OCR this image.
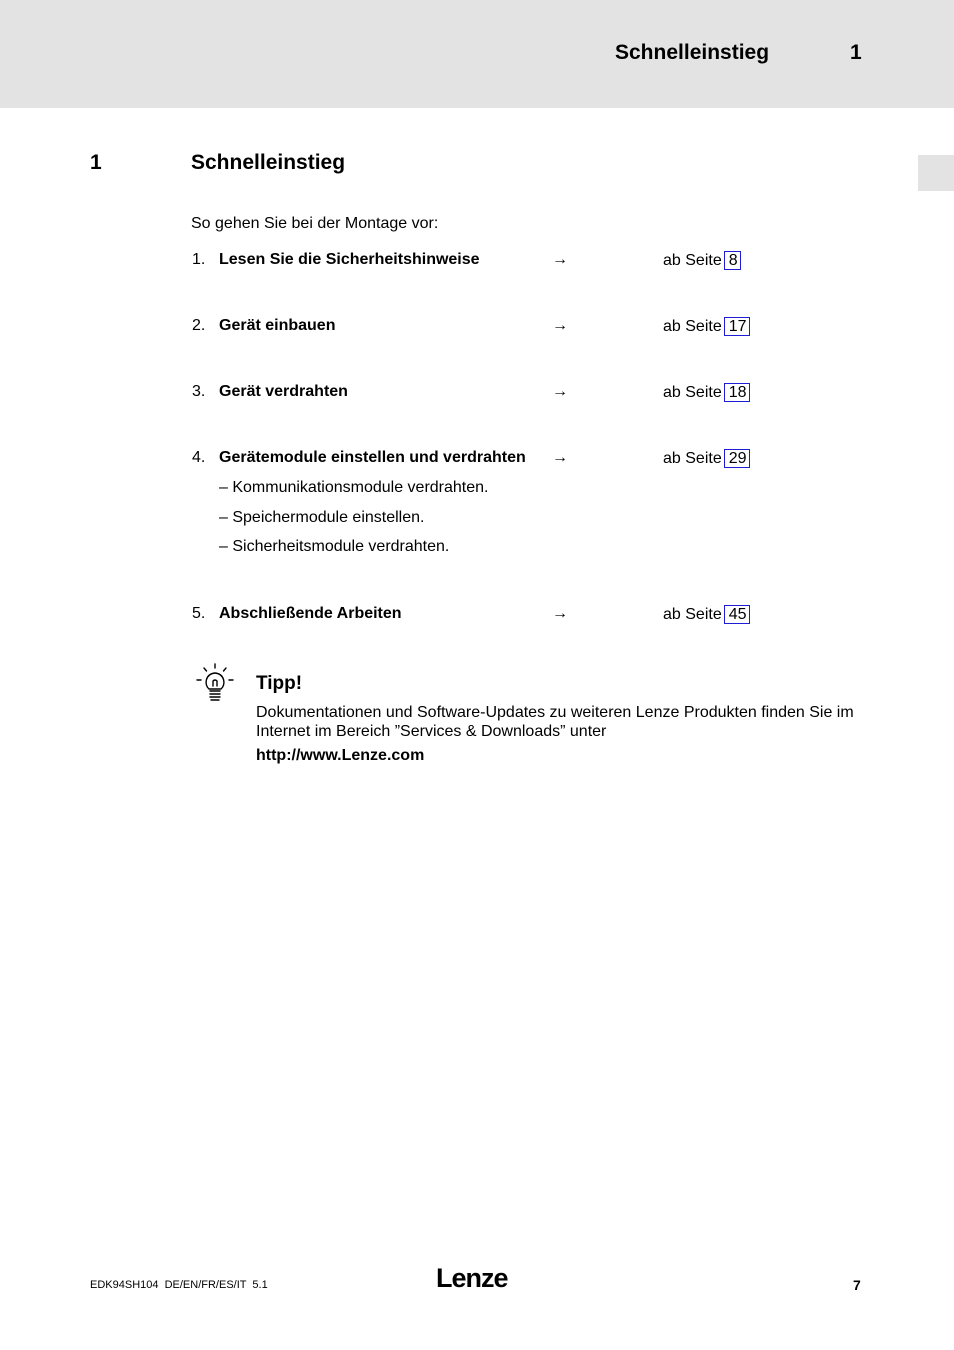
Schnelleinstieg	1
1	Schnelleinstieg
So gehen Sie bei der Montage vor:
1. Lesen Sie die Sicherheitshinweise	→	ab Seite 8
2. Gerät einbauen	→	ab Seite 17
3. Gerät verdrahten	→	ab Seite 18
4. Gerätemodule einstellen und verdrahten →	ab Seite 29
– Kommunikationsmodule verdrahten.
– Speichermodule einstellen.
– Sicherheitsmodule verdrahten.
5. Abschließende Arbeiten	→	ab Seite 45
Tipp!
Dokumentationen und Software-Updates zu weiteren Lenze Produkten finden Sie im Internet im Bereich ”Services & Downloads” unter
http://www.Lenze.com
EDK94SH104  DE/EN/FR/ES/IT  5.1	Lenze	7
